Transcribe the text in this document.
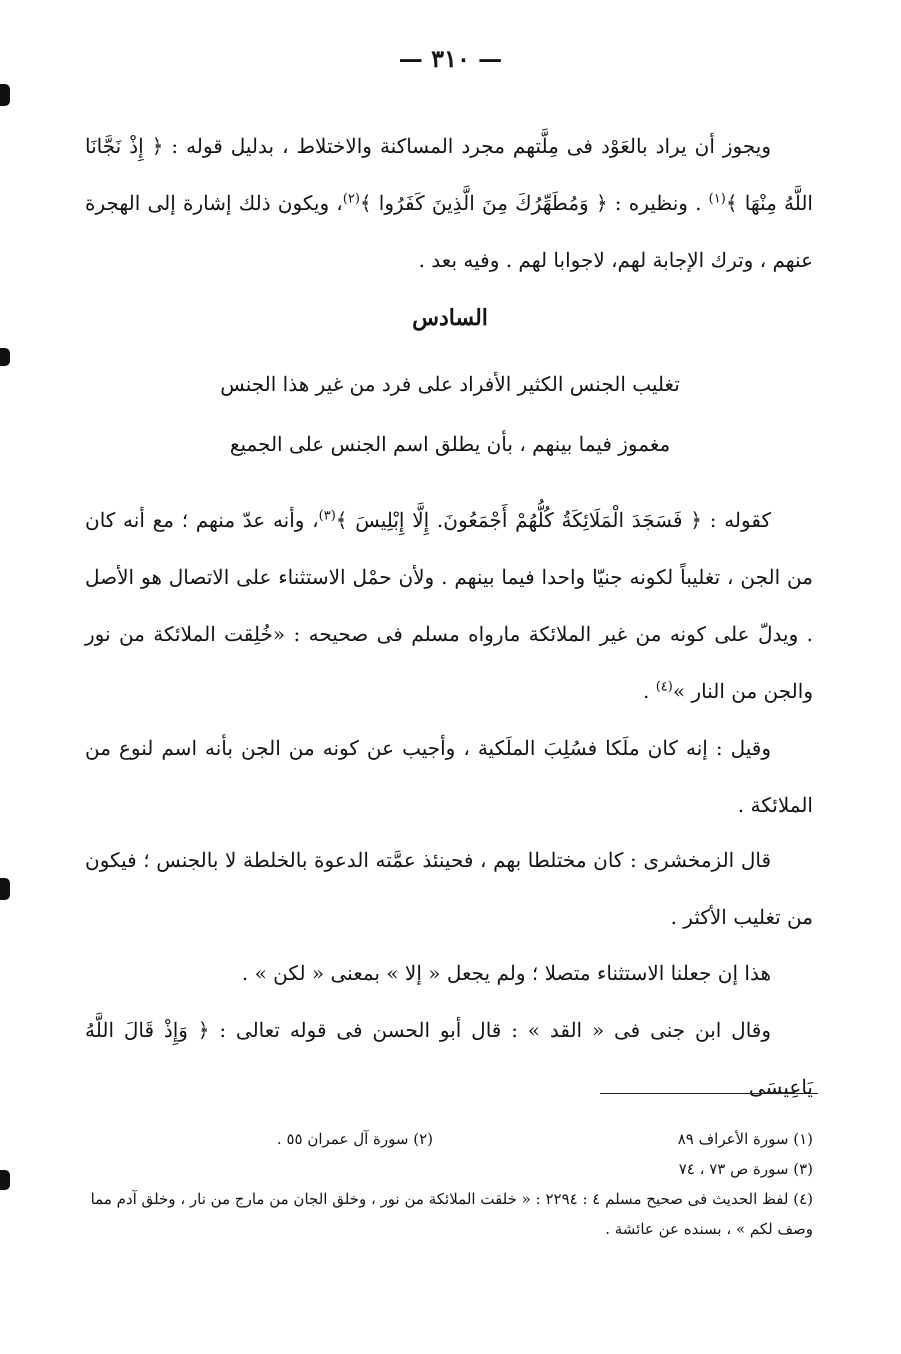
— ٣١٠ —
ويجوز أن يراد بالعَوْد فى مِلَّتهم مجرد المساكنة والاختلاط ، بدليل قوله : ﴿ إِذْ نَجَّانَا اللَّهُ مِنْهَا ﴾$^{(١)}$ . ونظيره : ﴿ وَمُطَهِّرُكَ مِنَ الَّذِينَ كَفَرُوا ﴾$^{(٢)}$، ويكون ذلك إشارة إلى الهجرة عنهم ، وترك الإجابة لهم، لاجوابا لهم . وفيه بعد .
السادس
تغليب الجنس الكثير الأفراد على فرد من غير هذا الجنس
مغموز فيما بينهم ، بأن يطلق اسم الجنس على الجميع
كقوله : ﴿ فَسَجَدَ الْمَلَائِكَةُ كُلُّهُمْ أَجْمَعُونَ. إِلَّا إِبْلِيسَ ﴾$^{(٣)}$، وأنه عدّ منهم ؛ مع أنه كان من الجن ، تغليباً لكونه جنيّا واحدا فيما بينهم . ولأن حمْل الاستثناء على الاتصال هو الأصل . ويدلّ على كونه من غير الملائكة مارواه مسلم فى صحيحه : «خُلِقت الملائكة من نور والجن من النار »$^{(٤)}$ .
وقيل : إنه كان ملَكا فسُلِبَ الملَكية ، وأجيب عن كونه من الجن بأنه اسم لنوع من الملائكة .
قال الزمخشرى : كان مختلطا بهم ، فحينئذ عمَّته الدعوة بالخلطة لا بالجنس ؛ فيكون من تغليب الأكثر .
هذا إن جعلنا الاستثناء متصلا ؛ ولم يجعل « إلا » بمعنى « لكن » .
وقال ابن جنى فى « القد » : قال أبو الحسن فى قوله تعالى : ﴿ وَإِذْ قَالَ اللَّهُ يَاعِيسَى
(١) سورة الأعراف ٨٩
(٢) سورة آل عمران ٥٥ .
(٣) سورة ص ٧٣ ، ٧٤
(٤) لفظ الحديث فى صحيح مسلم ٤ : ٢٢٩٤ : « خلقت الملائكة من نور ، وخلق الجان من مارج من نار ، وخلق آدم مما وصف لكم » ، بسنده عن عائشة .
